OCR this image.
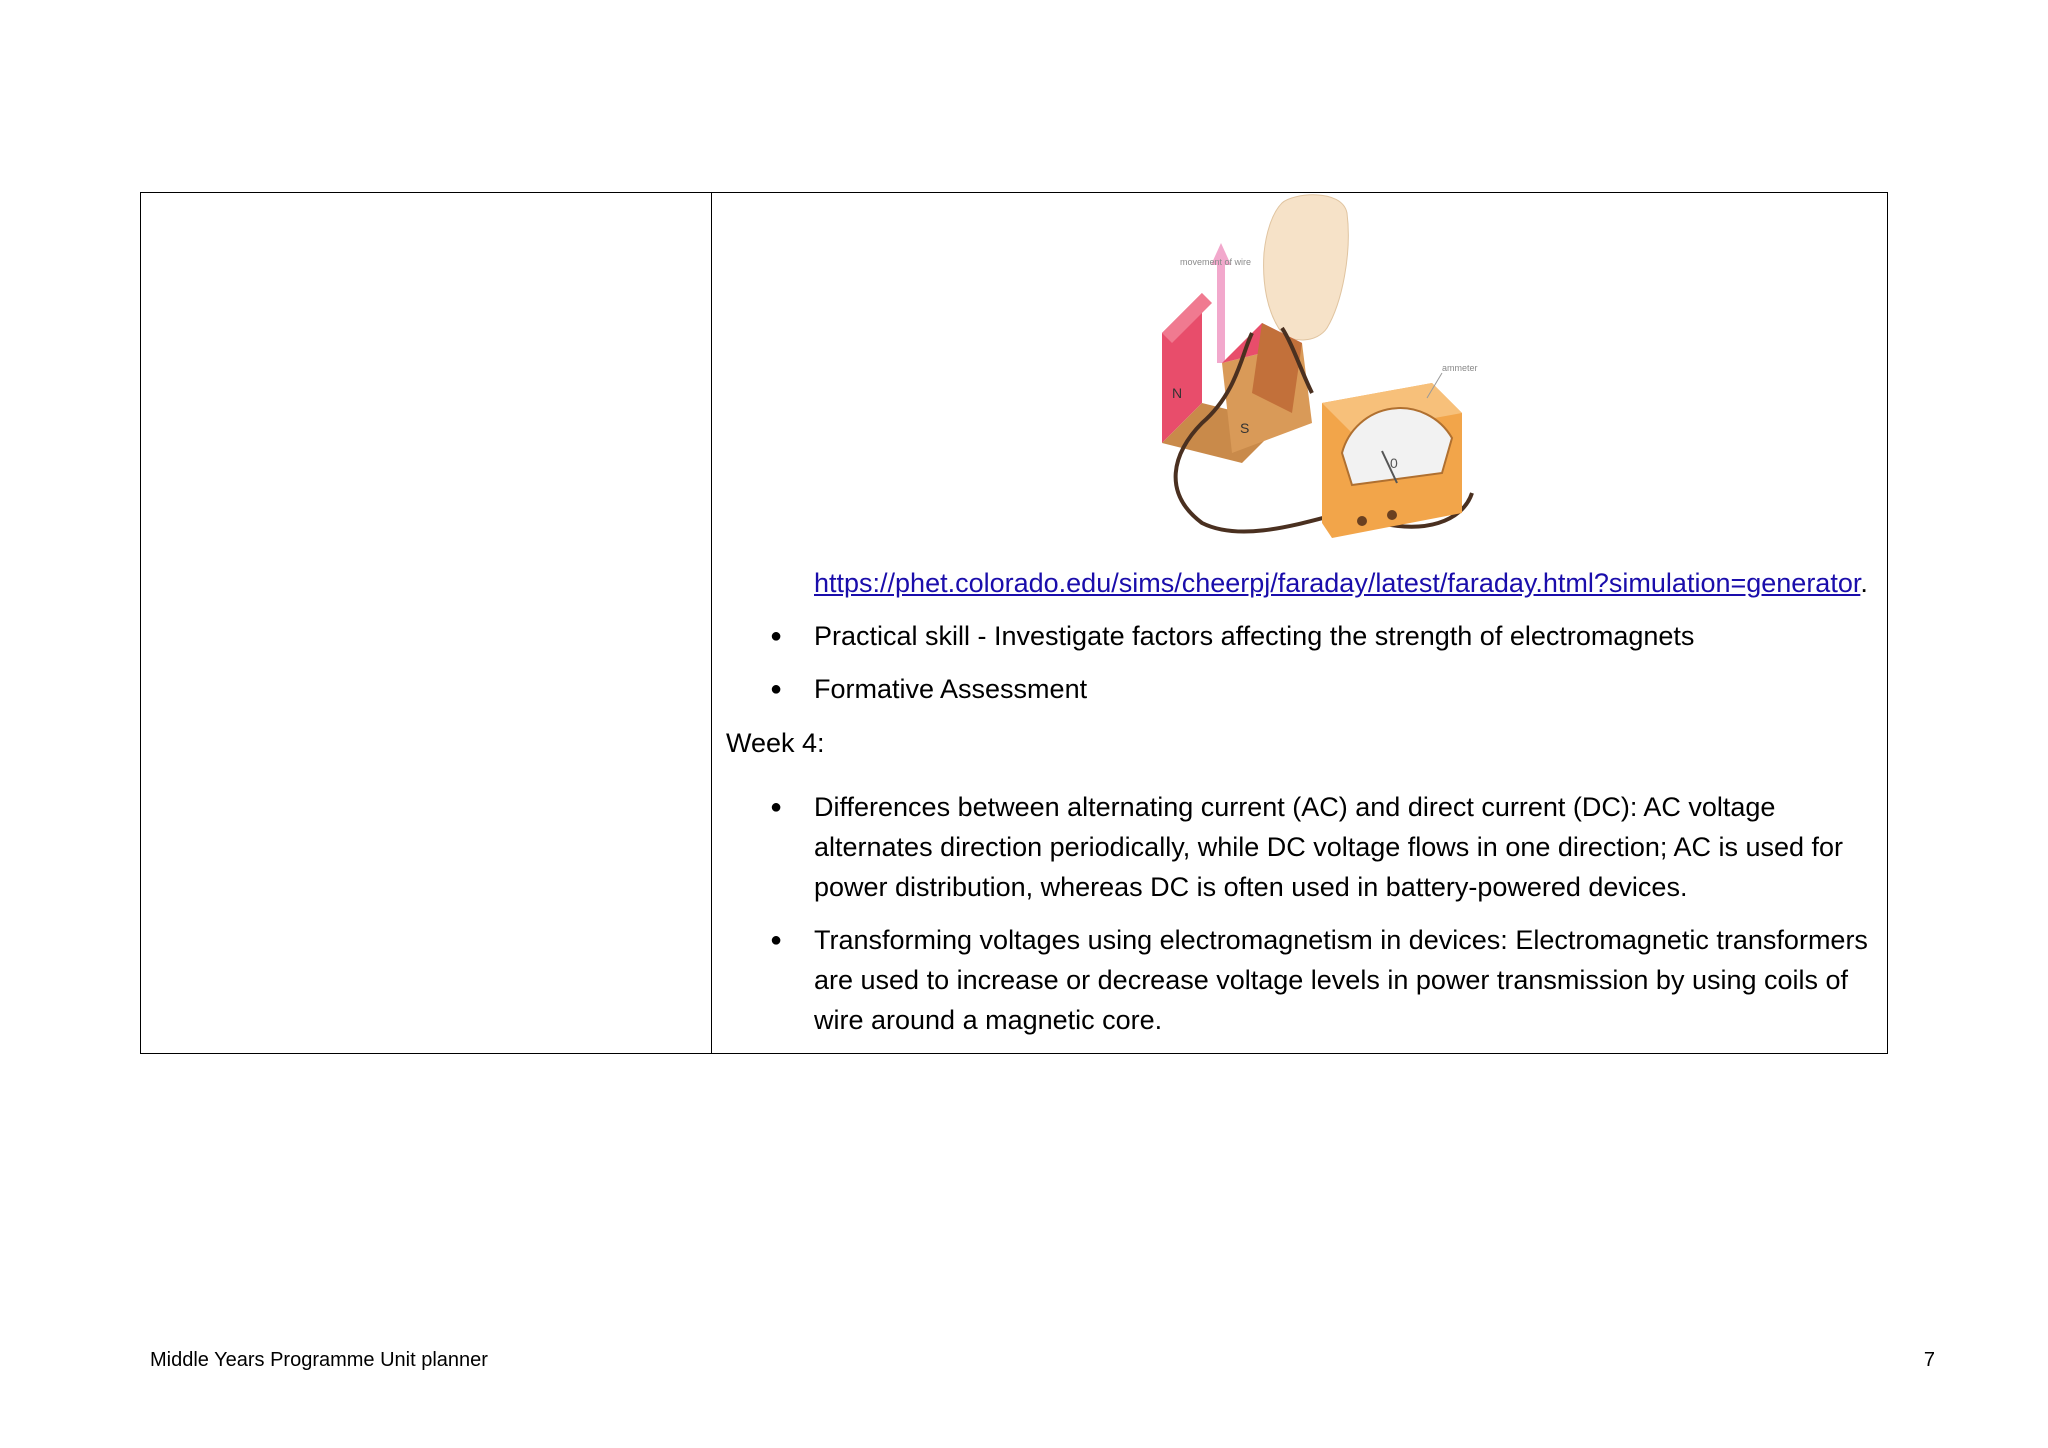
movement of wire
N
S
0
ammeter
https://phet.colorado.edu/sims/cheerpj/faraday/latest/faraday.html?simulation=generator.
● Practical skill - Investigate factors affecting the strength of electromagnets
● Formative Assessment
Week 4:
● Differences between alternating current (AC) and direct current (DC): AC voltage alternates direction periodically, while DC voltage flows in one direction; AC is used for power distribution, whereas DC is often used in battery-powered devices.
● Transforming voltages using electromagnetism in devices: Electromagnetic transformers are used to increase or decrease voltage levels in power transmission by using coils of wire around a magnetic core.
Middle Years Programme Unit planner	7
